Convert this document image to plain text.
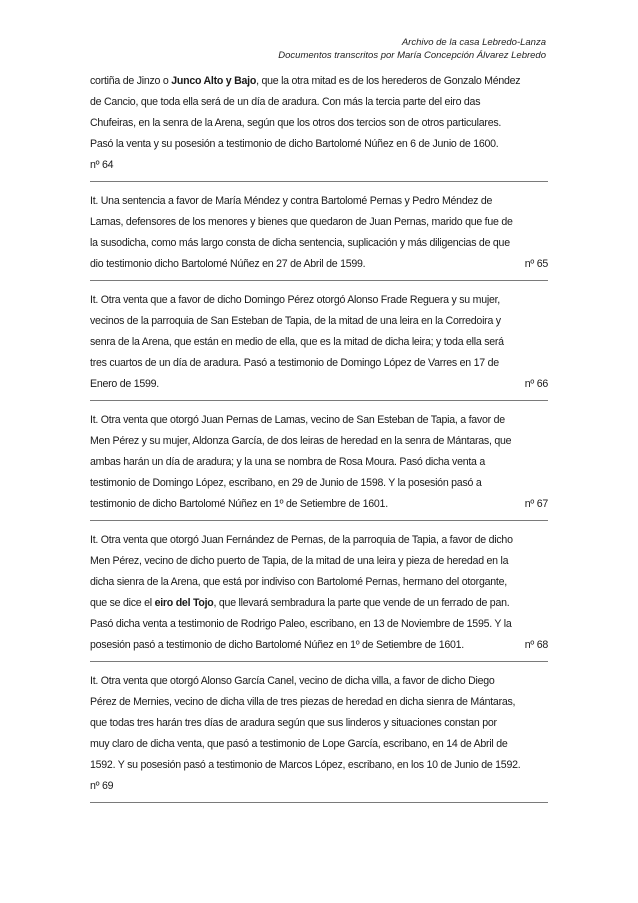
Archivo de la casa Lebredo-Lanza
Documentos transcritos por María Concepción Álvarez Lebredo
cortiña de Jinzo o Junco Alto y Bajo, que la otra mitad es de los herederos de Gonzalo Méndez
de Cancio, que toda ella será de un día de aradura. Con más la tercia parte del eiro das
Chufeiras, en la senra de la Arena, según que los otros dos tercios son de otros particulares.
Pasó la venta y su posesión a testimonio de dicho Bartolomé Núñez en 6 de Junio de 1600.
nº 64
It. Una sentencia a favor de María Méndez y contra Bartolomé Pernas y Pedro Méndez de
Lamas, defensores de los menores y bienes que quedaron de Juan Pernas, marido que fue de
la susodicha, como más largo consta de dicha sentencia, suplicación y más diligencias de que
dio testimonio dicho Bartolomé Núñez en 27 de Abril de 1599.	nº 65
It. Otra venta que a favor de dicho Domingo Pérez otorgó Alonso Frade Reguera y su mujer,
vecinos de la parroquia de San Esteban de Tapia, de la mitad de una leira en la Corredoira y
senra de la Arena, que están en medio de ella, que es la mitad de dicha leira; y toda ella será
tres cuartos de un día de aradura. Pasó a testimonio de Domingo López de Varres en 17 de
Enero de 1599.	nº 66
It. Otra venta que otorgó Juan Pernas de Lamas, vecino de San Esteban de Tapia, a favor de
Men Pérez y su mujer, Aldonza García, de dos leiras de heredad en la senra de Mántaras, que
ambas harán un día de aradura; y la una se nombra de Rosa Moura. Pasó dicha venta a
testimonio de Domingo López, escribano, en 29 de Junio de 1598. Y la posesión pasó a
testimonio de dicho Bartolomé Núñez en 1º de Setiembre de 1601.	nº 67
It. Otra venta que otorgó Juan Fernández de Pernas, de la parroquia de Tapia, a favor de dicho
Men Pérez, vecino de dicho puerto de Tapia, de la mitad de una leira y pieza de heredad en la
dicha sienra de la Arena, que está por indiviso con Bartolomé Pernas, hermano del otorgante,
que se dice el eiro del Tojo, que llevará sembradura la parte que vende de un ferrado de pan.
Pasó dicha venta a testimonio de Rodrigo Paleo, escribano, en 13 de Noviembre de 1595. Y la
posesión pasó a testimonio de dicho Bartolomé Núñez en 1º de Setiembre de 1601.	nº 68
It. Otra venta que otorgó Alonso García Canel, vecino de dicha villa, a favor de dicho Diego
Pérez de Mernies, vecino de dicha villa de tres piezas de heredad en dicha sienra de Mántaras,
que todas tres harán tres días de aradura según que sus linderos y situaciones constan por
muy claro de dicha venta, que pasó a testimonio de Lope García, escribano, en 14 de Abril de
1592. Y su posesión pasó a testimonio de Marcos López, escribano, en los 10 de Junio de 1592.
nº 69
